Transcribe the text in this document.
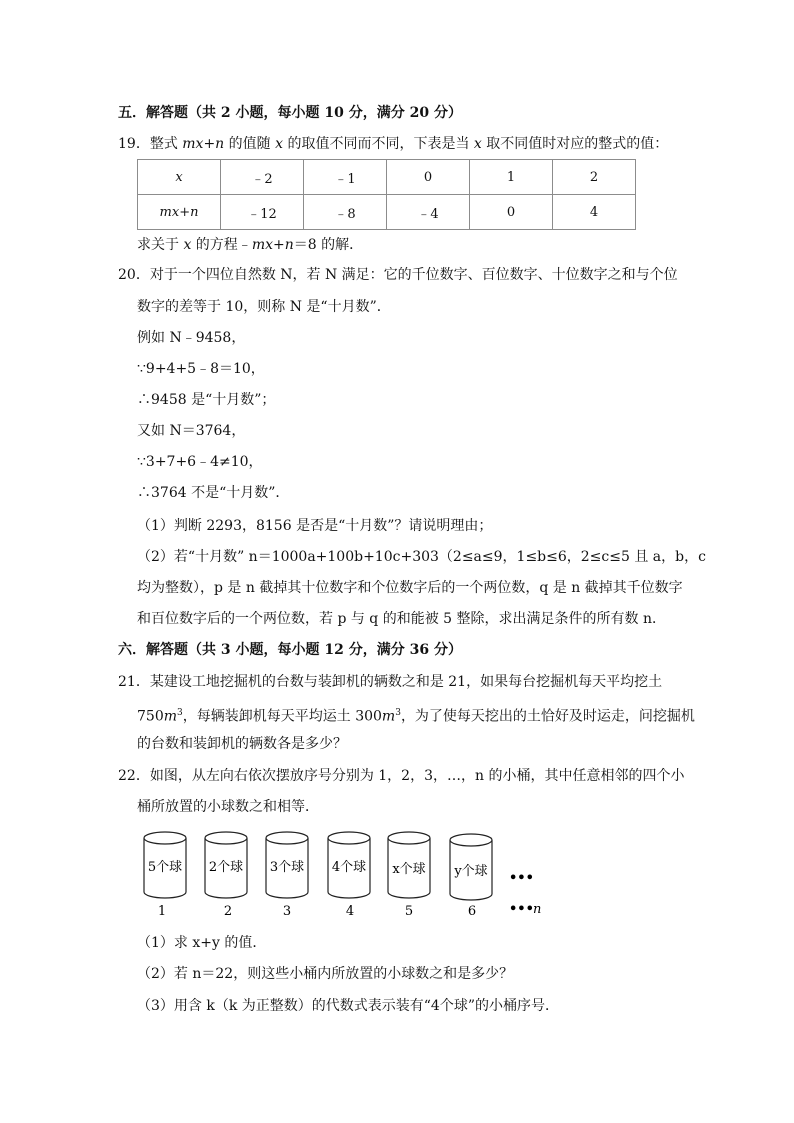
五．解答题（共 2 小题，每小题 10 分，满分 20 分）
19．整式 mx+n 的值随 x 的取值不同而不同，下表是当 x 取不同值时对应的整式的值：
x	﹣2	﹣1	0	1	2
mx+n	﹣12	﹣8	﹣4	0	4
求关于 x 的方程﹣mx+n＝8 的解．
20．对于一个四位自然数 N，若 N 满足：它的千位数字、百位数字、十位数字之和与个位
数字的差等于 10，则称 N 是“十月数”．
例如 N﹣9458，
∵9+4+5﹣8＝10，
∴9458 是“十月数”；
又如 N＝3764，
∵3+7+6﹣4≠10，
∴3764 不是“十月数”．
（1）判断 2293，8156 是否是“十月数”？请说明理由；
（2）若“十月数” n＝1000a+100b+10c+303（2≤a≤9，1≤b≤6，2≤c≤5 且 a，b，c
均为整数），p 是 n 截掉其十位数字和个位数字后的一个两位数，q 是 n 截掉其千位数字
和百位数字后的一个两位数，若 p 与 q 的和能被 5 整除，求出满足条件的所有数 n．
六．解答题（共 3 小题，每小题 12 分，满分 36 分）
21．某建设工地挖掘机的台数与装卸机的辆数之和是 21，如果每台挖掘机每天平均挖土
$750m^3$，每辆装卸机每天平均运土 $300m^3$，为了使每天挖出的土恰好及时运走，问挖掘机
的台数和装卸机的辆数各是多少？
22．如图，从左向右依次摆放序号分别为 1，2，3，…，n 的小桶，其中任意相邻的四个小
桶所放置的小球数之和相等．
5个球
1
2个球
2
3个球
3
4个球
4
x个球
5
y个球
6
•••
••• n
（1）求 x+y 的值．
（2）若 n＝22，则这些小桶内所放置的小球数之和是多少？
（3）用含 k（k 为正整数）的代数式表示装有“4个球”的小桶序号．
